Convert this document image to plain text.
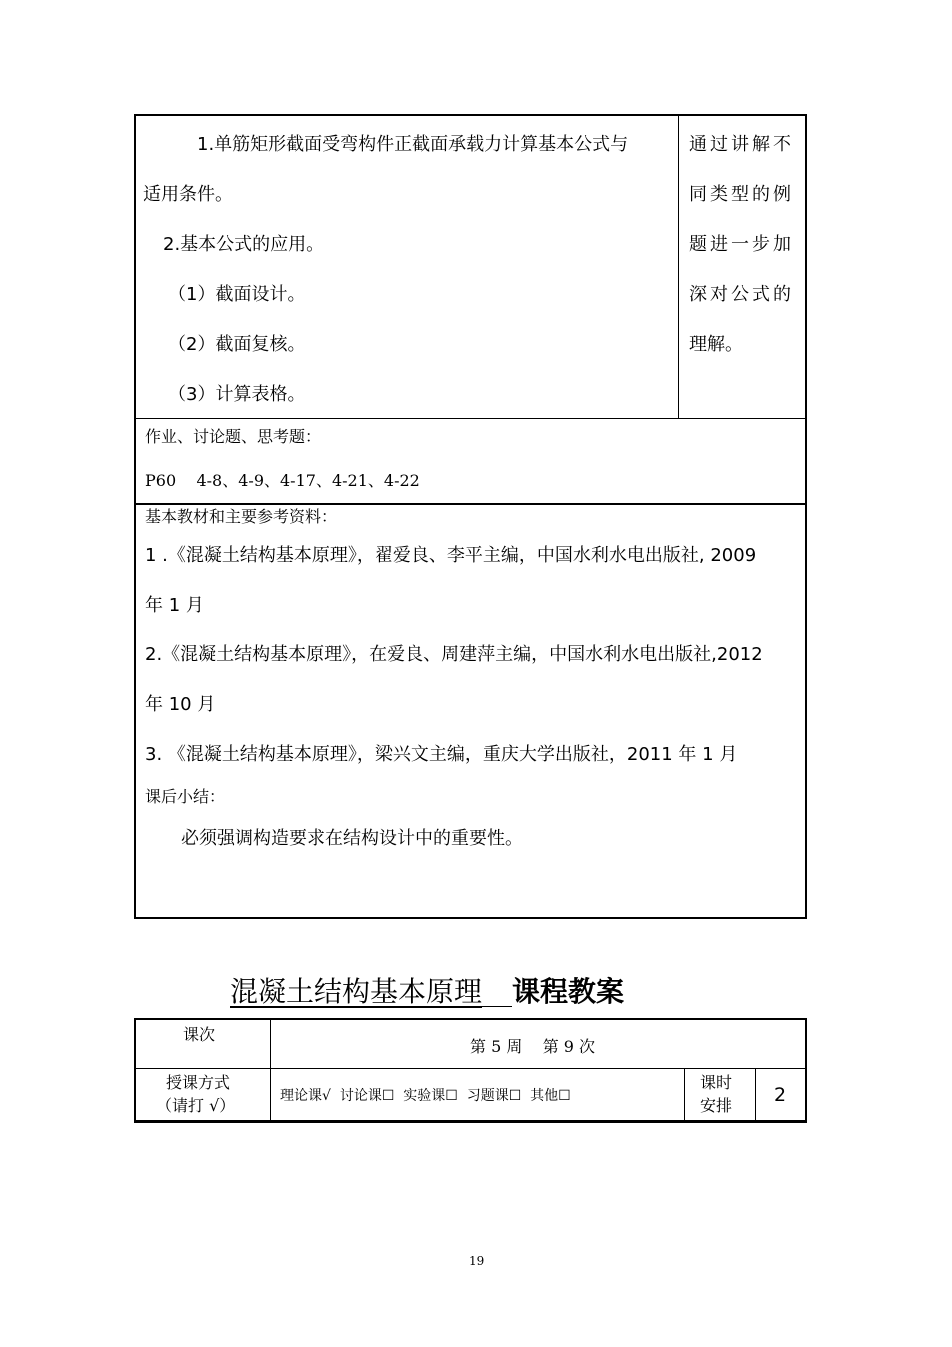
1.单筋矩形截面受弯构件正截面承载力计算基本公式与
适用条件。
2.基本公式的应用。
（1）截面设计。
（2）截面复核。
（3）计算表格。
通过讲解不
同类型的例
题进一步加
深对公式的
理解。
作业、讨论题、思考题：
P60    4-8、4-9、4-17、4-21、4-22
基本教材和主要参考资料：
1 .《混凝土结构基本原理》，翟爱良、李平主编，中国水利水电出版社, 2009
年 1 月
2.《混凝土结构基本原理》，在爱良、周建萍主编，中国水利水电出版社,2012
年 10 月
3. 《混凝土结构基本原理》，梁兴文主编，重庆大学出版社，2011 年 1 月
课后小结：
必须强调构造要求在结构设计中的重要性。
混凝土结构基本原理 课程教案
课次
第 5 周    第 9 次
授课方式
（请打 √）	理论课√  讨论课☐  实验课☐  习题课☐  其他☐
课时
安排 2
19
